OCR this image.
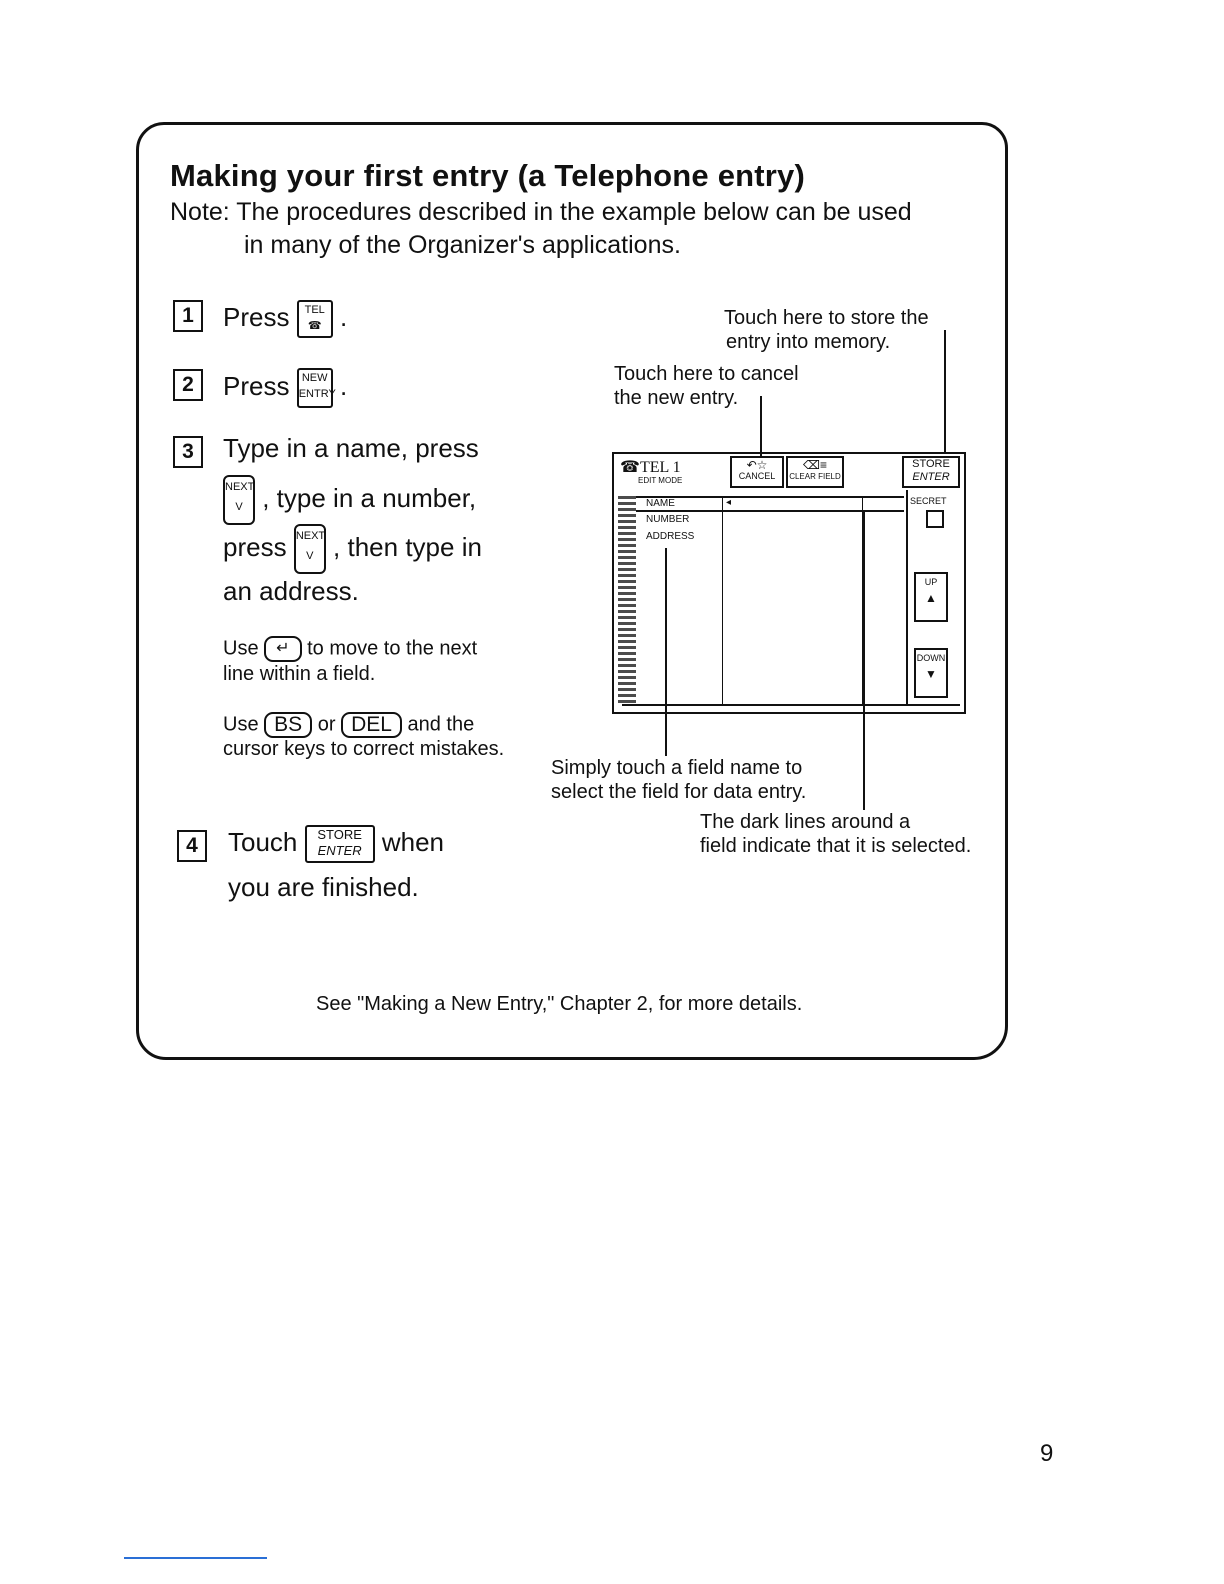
Making your first entry (a Telephone entry)
Note: The procedures described in the example below can be used
in many of the Organizer's applications.
1	Press TEL
☎ .
2	Press NEW
ENTRY .
3	Type in a name, press
NEXT
V , type in a number,
press NEXT
V , then type in
an address.
Use ↵ to move to the next
line within a field.
Use BS or DEL and the
cursor keys to correct mistakes.
4	Touch STORE
ENTER when
you are finished.
Touch here to store the
entry into memory.
Touch here to cancel
the new entry.
Simply touch a field name to
select the field for data entry.
The dark lines around a
field indicate that it is selected.
☎TEL 1
EDIT MODE
↶☆
CANCEL
⌫≡
CLEAR FIELD
STORE
ENTER
NAME
NUMBER
ADDRESS
◂	SECRET
UP
▲
DOWN
▼
See "Making a New Entry," Chapter 2, for more details.
9
